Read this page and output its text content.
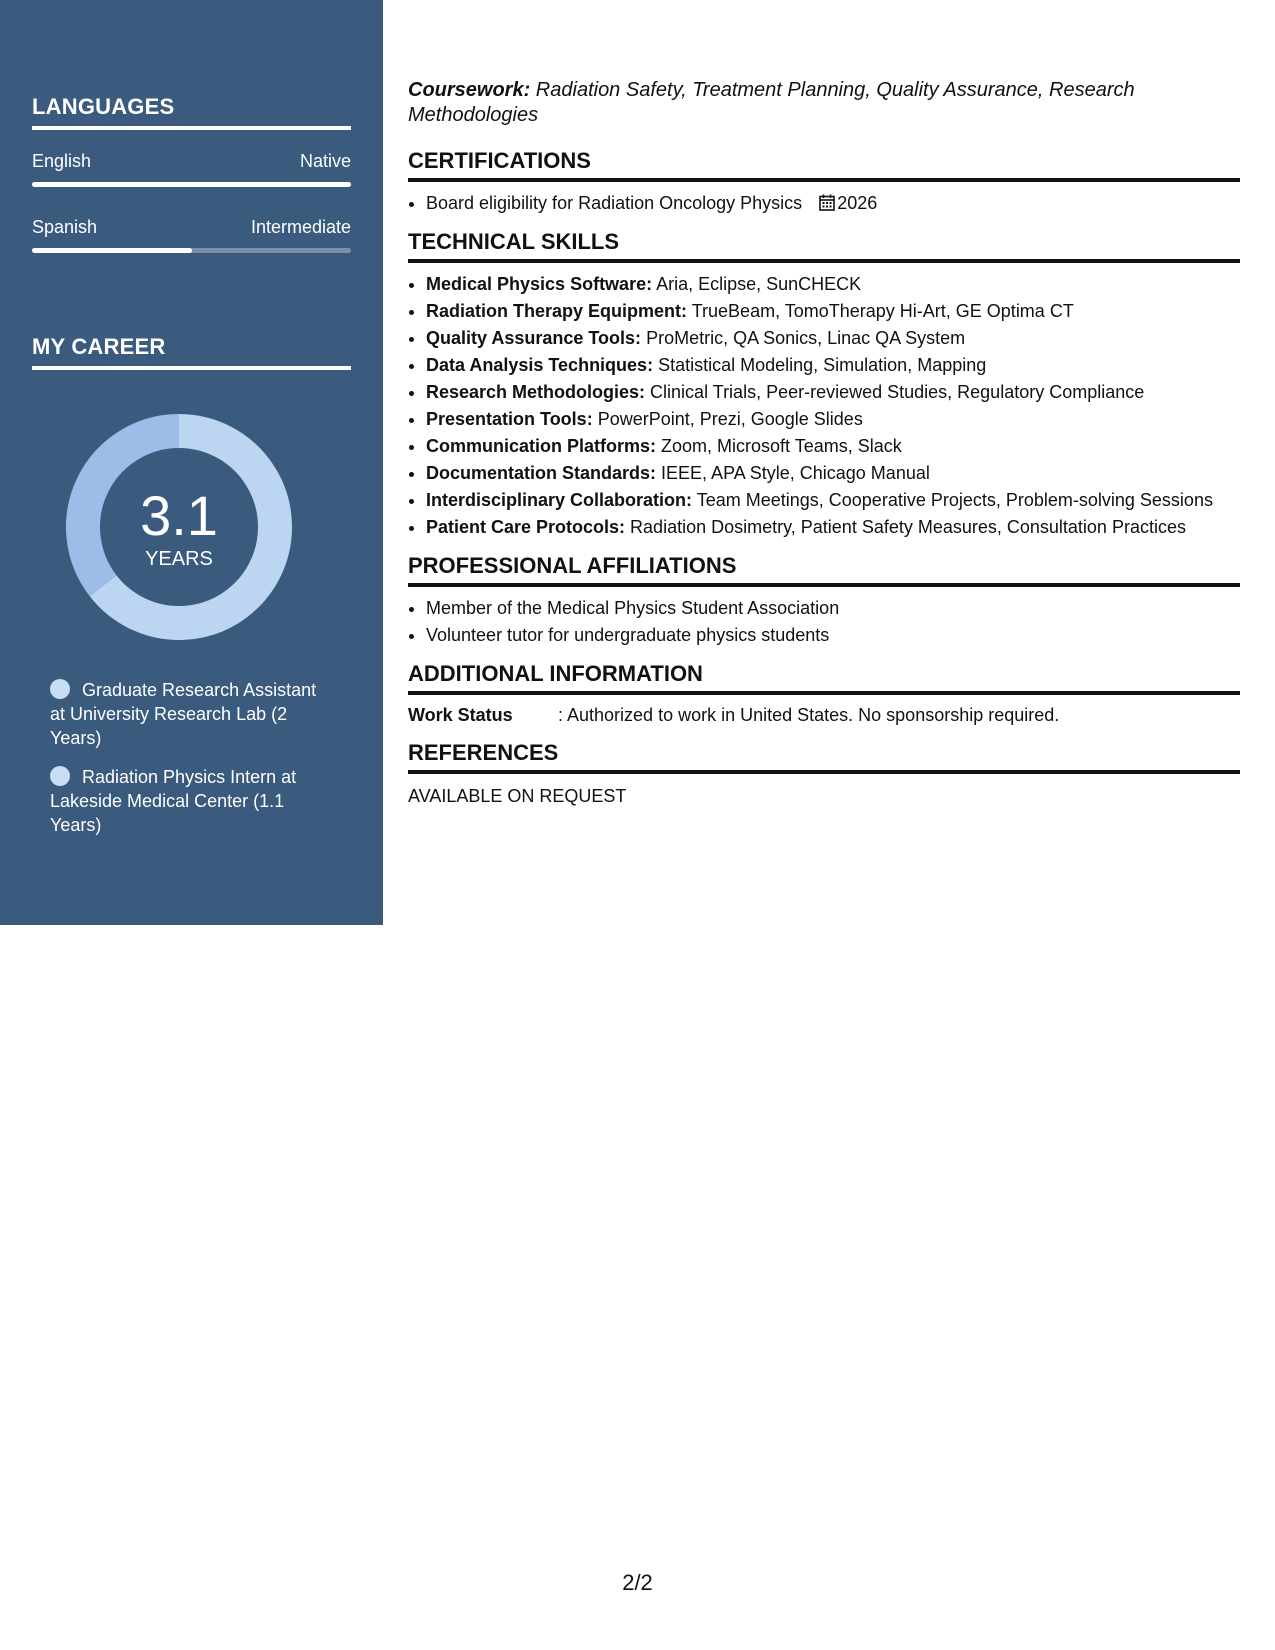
LANGUAGES
English	Native
Spanish	Intermediate
MY CAREER
3.1
YEARS
Graduate Research Assistant at University Research Lab (2 Years)
Radiation Physics Intern at Lakeside Medical Center (1.1 Years)

Coursework: Radiation Safety, Treatment Planning, Quality Assurance, Research Methodologies

CERTIFICATIONS
• Board eligibility for Radiation Oncology Physics 2026
TECHNICAL SKILLS
• Medical Physics Software: Aria, Eclipse, SunCHECK
• Radiation Therapy Equipment: TrueBeam, TomoTherapy Hi-Art, GE Optima CT
• Quality Assurance Tools: ProMetric, QA Sonics, Linac QA System
• Data Analysis Techniques: Statistical Modeling, Simulation, Mapping
• Research Methodologies: Clinical Trials, Peer-reviewed Studies, Regulatory Compliance
• Presentation Tools: PowerPoint, Prezi, Google Slides
• Communication Platforms: Zoom, Microsoft Teams, Slack
• Documentation Standards: IEEE, APA Style, Chicago Manual
• Interdisciplinary Collaboration: Team Meetings, Cooperative Projects, Problem-solving Sessions
• Patient Care Protocols: Radiation Dosimetry, Patient Safety Measures, Consultation Practices
PROFESSIONAL AFFILIATIONS
• Member of the Medical Physics Student Association
• Volunteer tutor for undergraduate physics students
ADDITIONAL INFORMATION
Work Status	: Authorized to work in United States. No sponsorship required.
REFERENCES

AVAILABLE ON REQUEST

2/2
